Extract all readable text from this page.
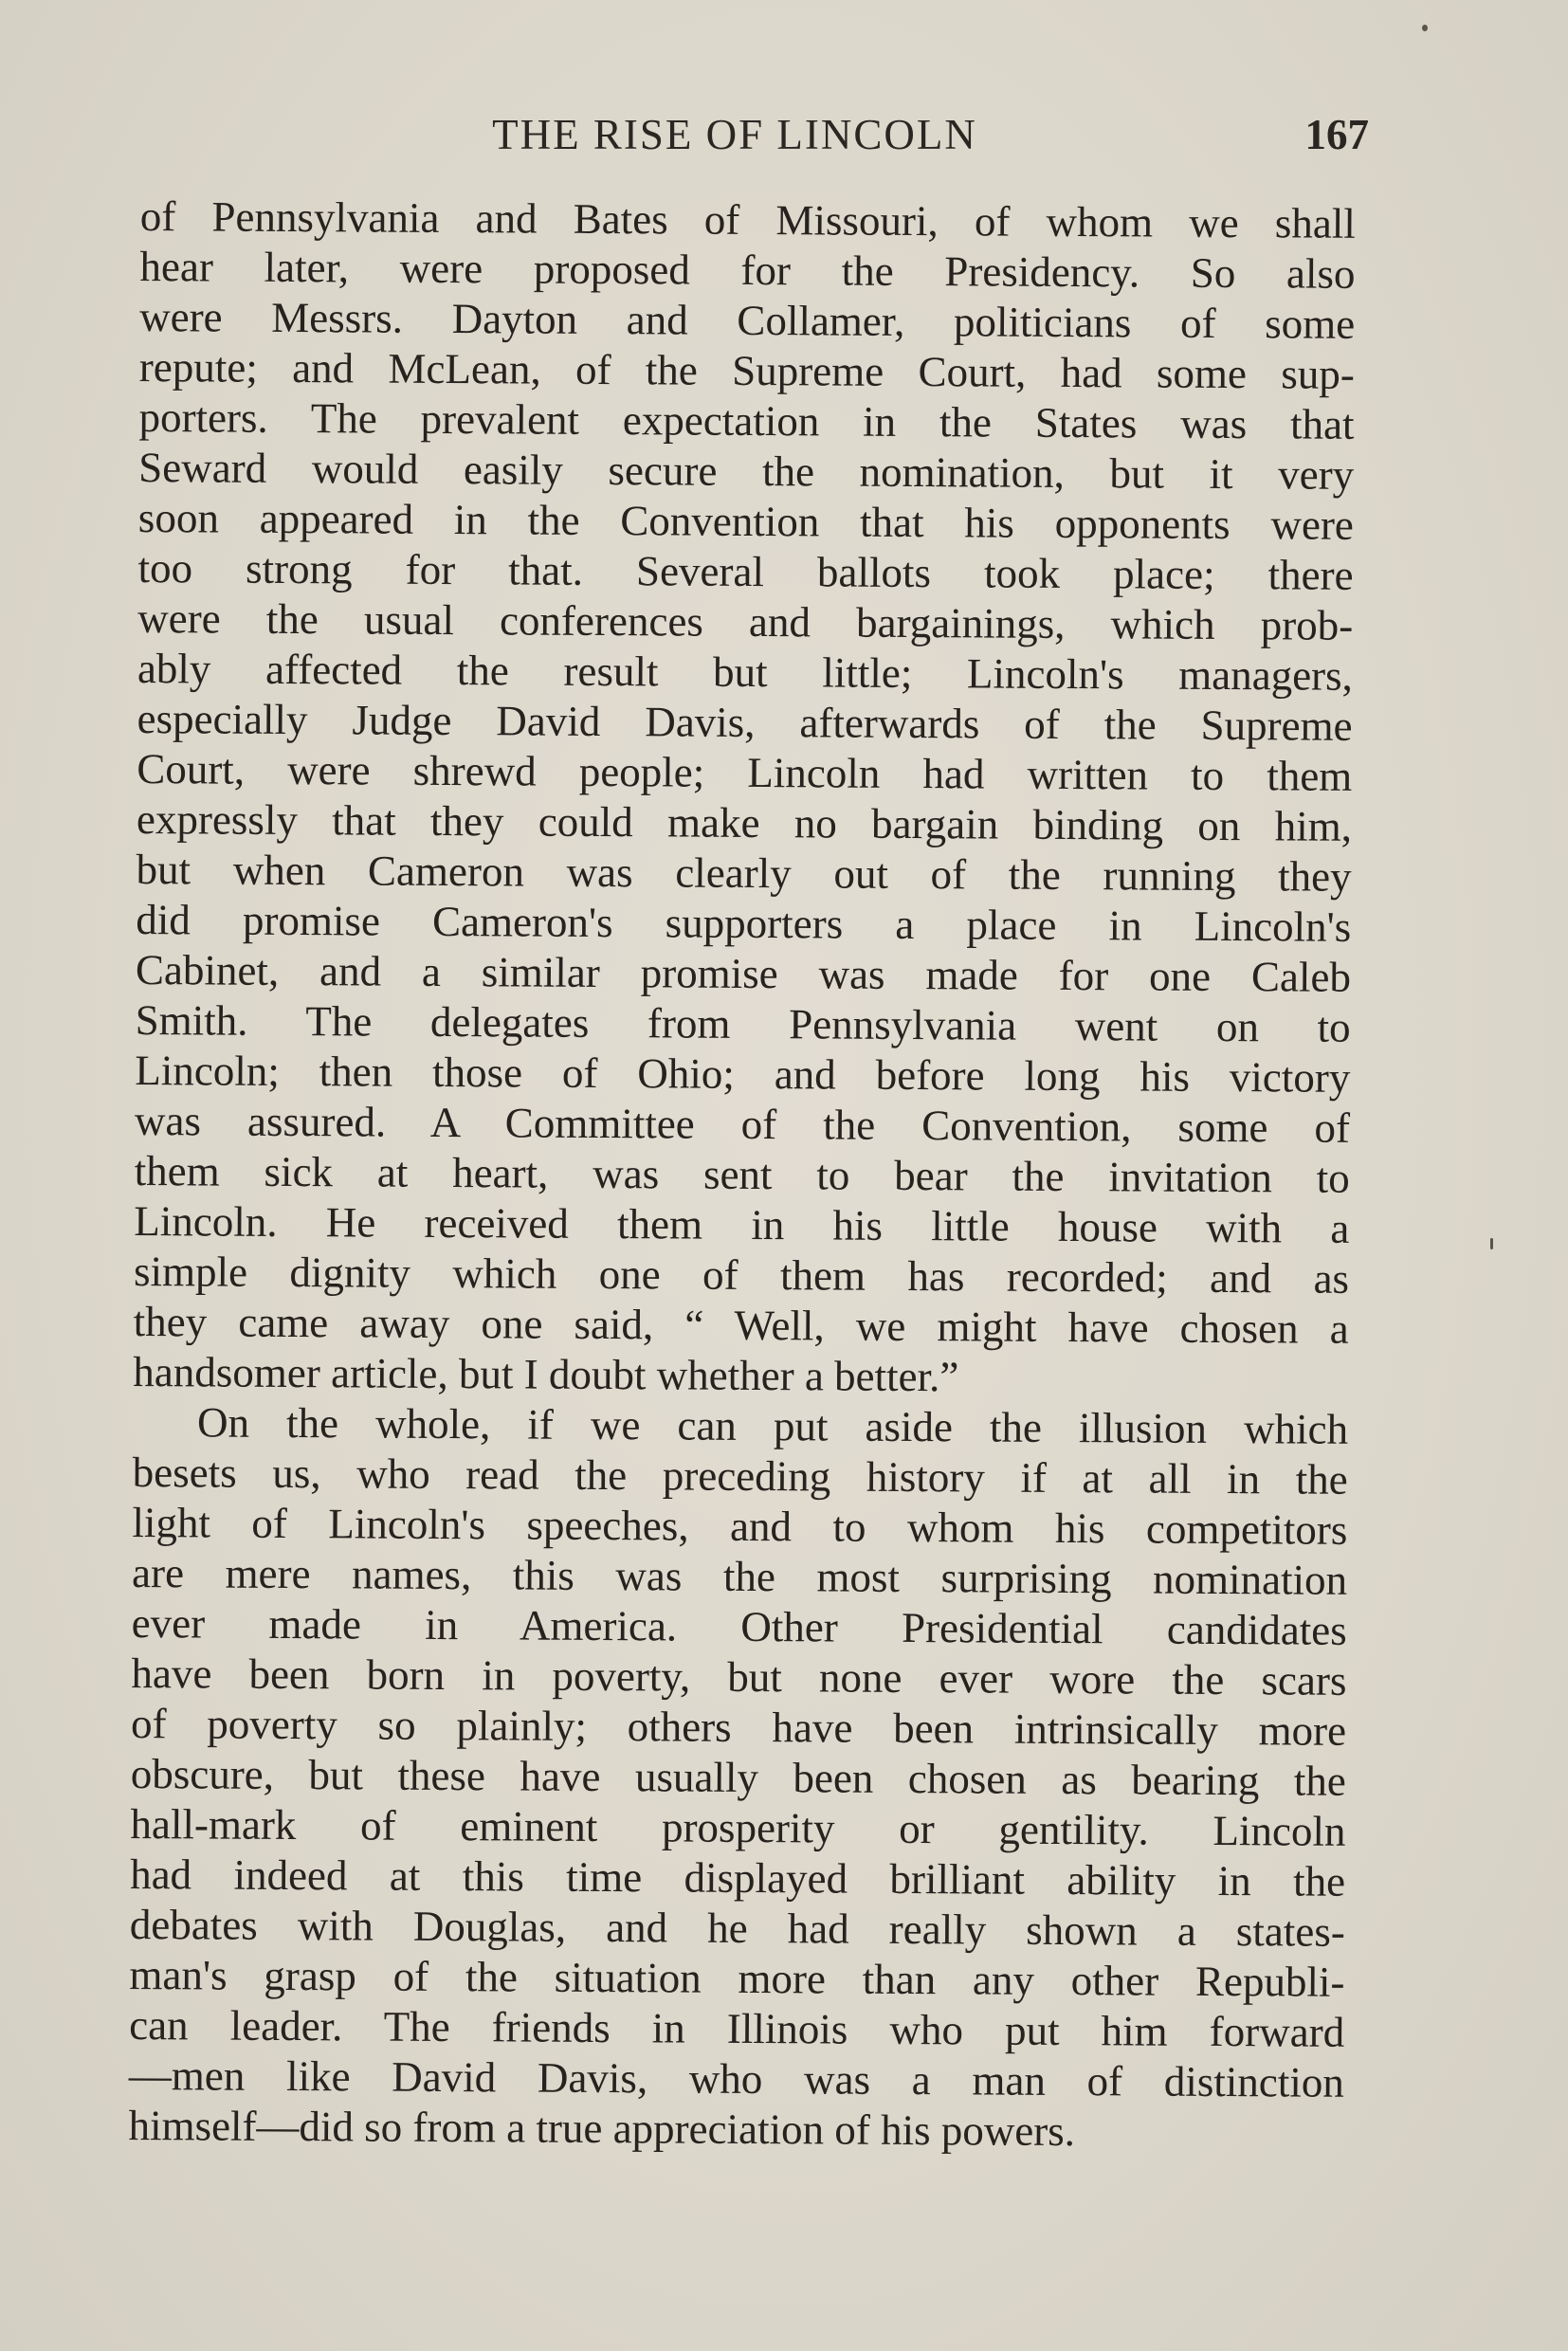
THE RISE OF LINCOLN	167
of Pennsylvania and Bates of Missouri, of whom we shall
hear later, were proposed for the Presidency. So also
were Messrs. Dayton and Collamer, politicians of some
repute; and McLean, of the Supreme Court, had some sup-
porters. The prevalent expectation in the States was that
Seward would easily secure the nomination, but it very
soon appeared in the Convention that his opponents were
too strong for that. Several ballots took place; there
were the usual conferences and bargainings, which prob-
ably affected the result but little; Lincoln's managers,
especially Judge David Davis, afterwards of the Supreme
Court, were shrewd people; Lincoln had written to them
expressly that they could make no bargain binding on him,
but when Cameron was clearly out of the running they
did promise Cameron's supporters a place in Lincoln's
Cabinet, and a similar promise was made for one Caleb
Smith. The delegates from Pennsylvania went on to
Lincoln; then those of Ohio; and before long his victory
was assured. A Committee of the Convention, some of
them sick at heart, was sent to bear the invitation to
Lincoln. He received them in his little house with a
simple dignity which one of them has recorded; and as
they came away one said, “ Well, we might have chosen a
handsomer article, but I doubt whether a better.”
On the whole, if we can put aside the illusion which
besets us, who read the preceding history if at all in the
light of Lincoln's speeches, and to whom his competitors
are mere names, this was the most surprising nomination
ever made in America. Other Presidential candidates
have been born in poverty, but none ever wore the scars
of poverty so plainly; others have been intrinsically more
obscure, but these have usually been chosen as bearing the
hall-mark of eminent prosperity or gentility. Lincoln
had indeed at this time displayed brilliant ability in the
debates with Douglas, and he had really shown a states-
man's grasp of the situation more than any other Republi-
can leader. The friends in Illinois who put him forward
—men like David Davis, who was a man of distinction
himself—did so from a true appreciation of his powers.
